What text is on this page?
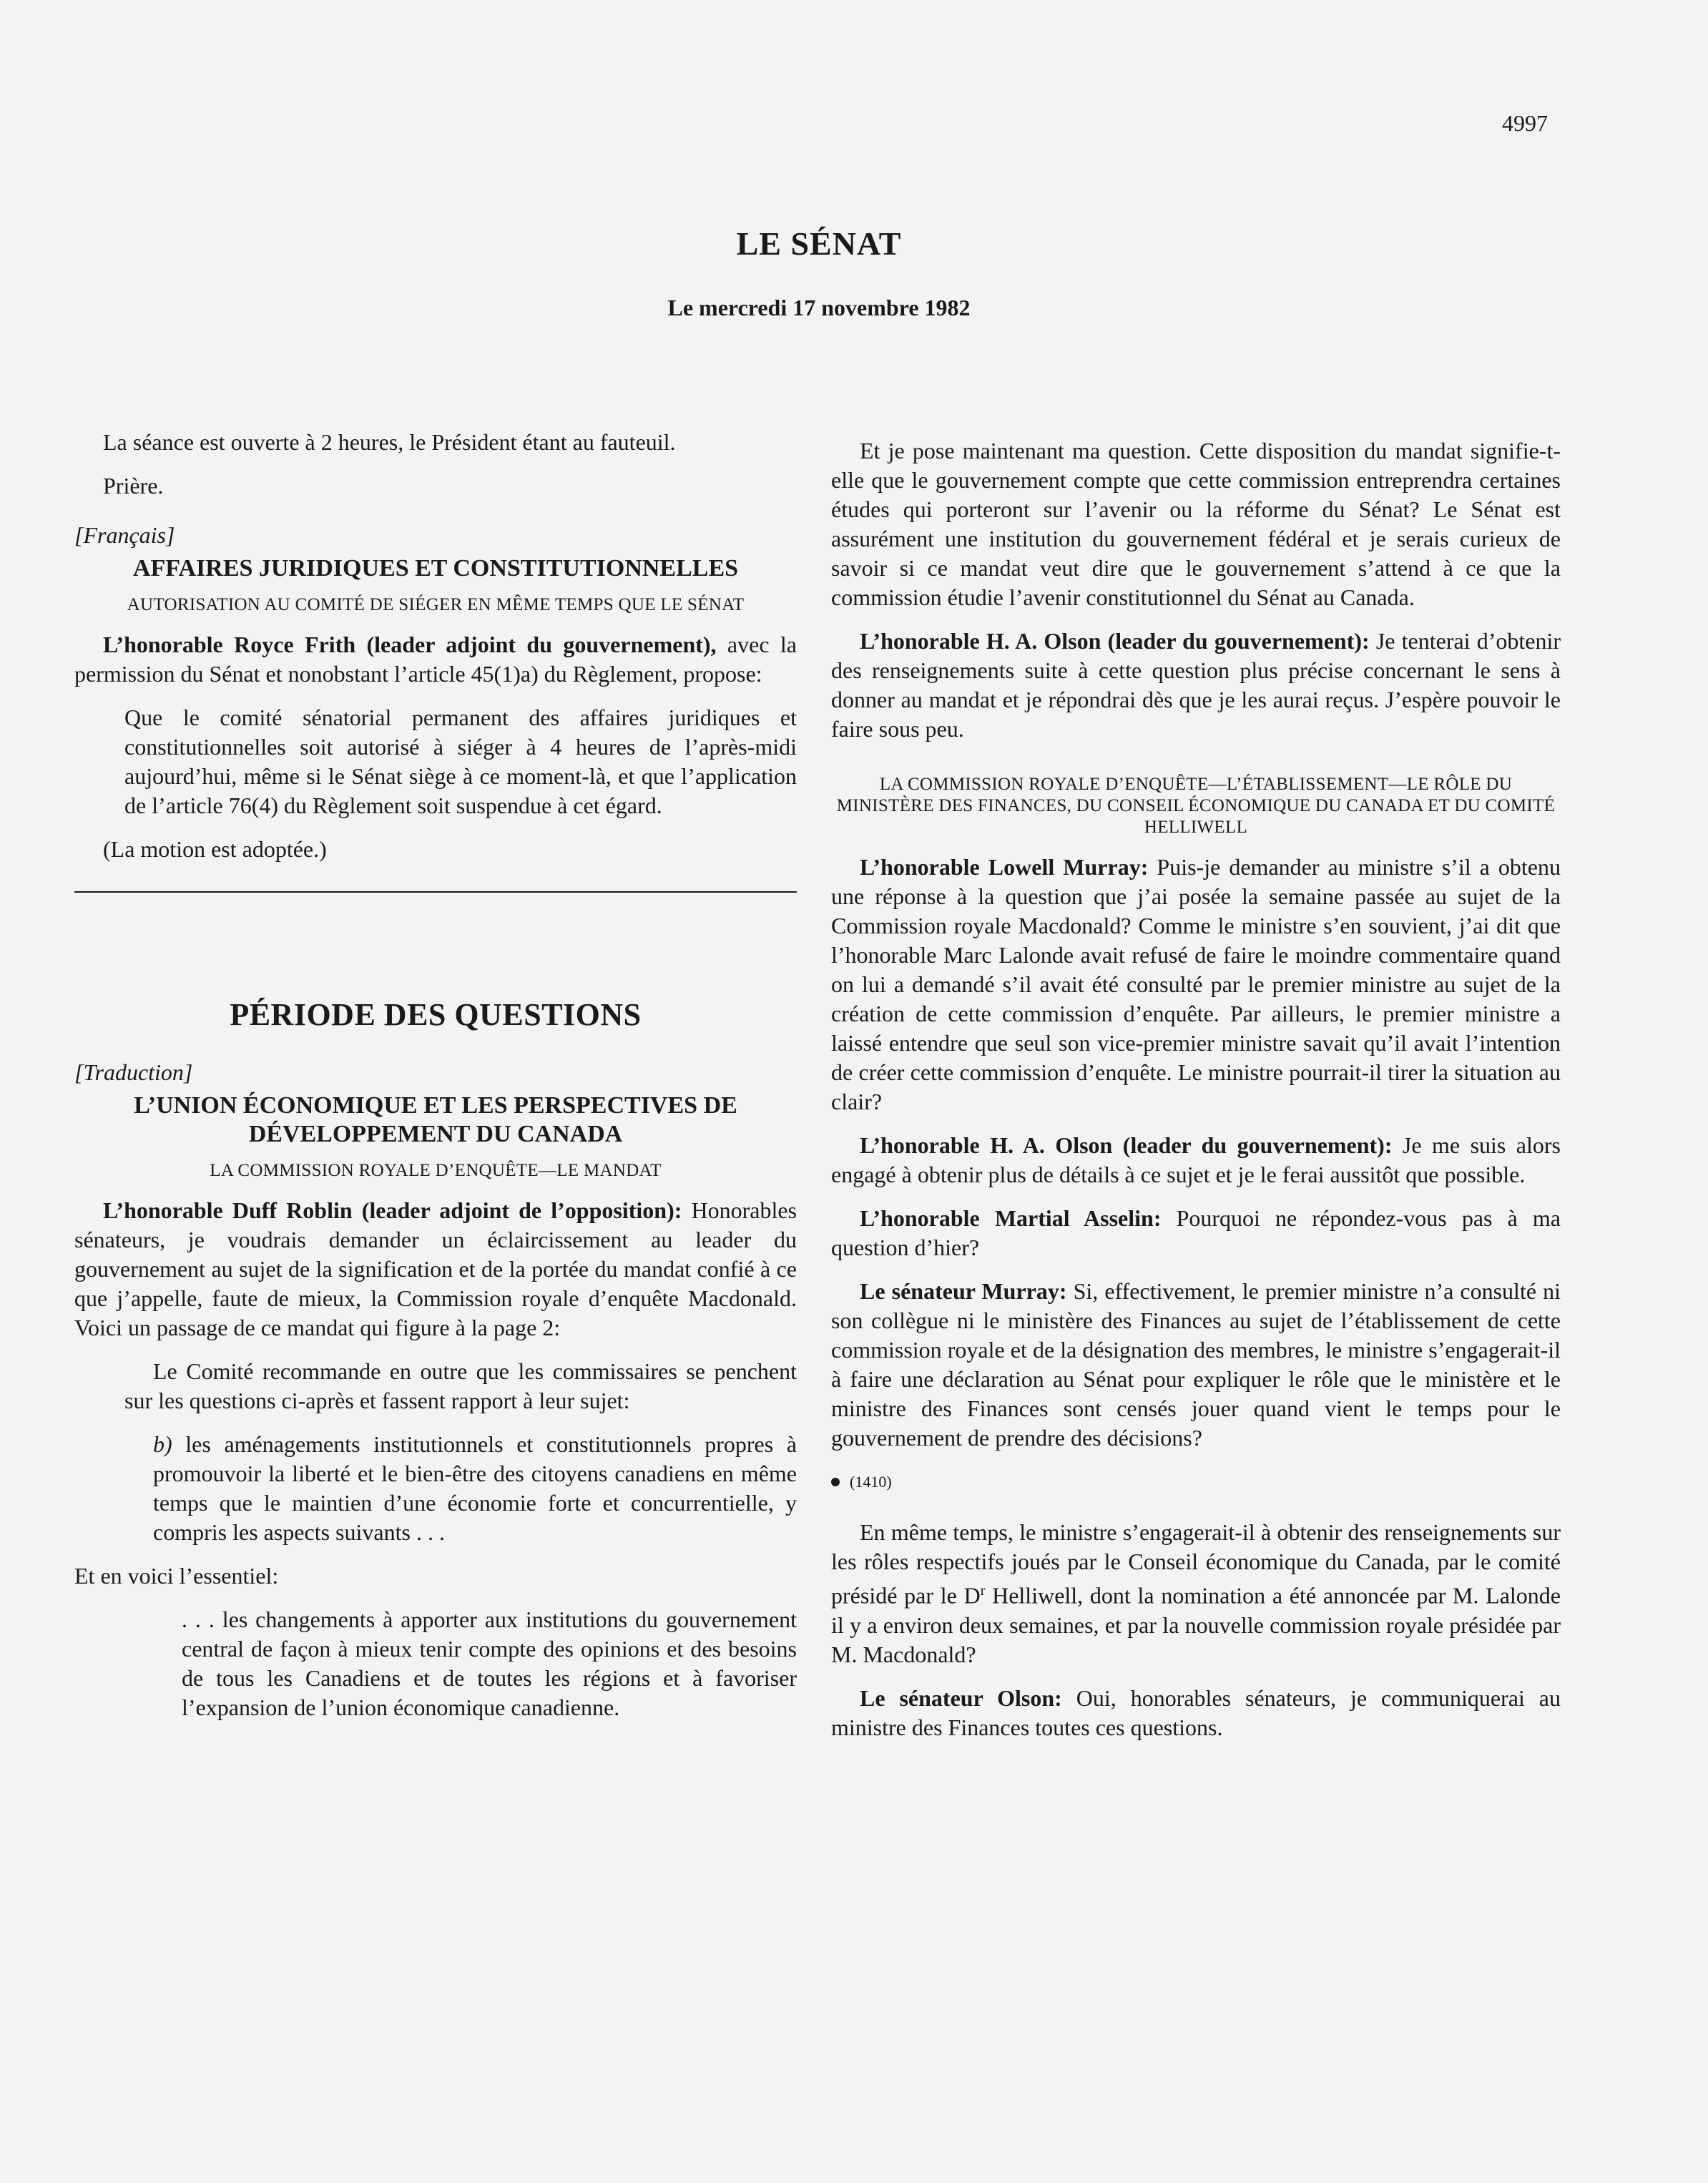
4997
LE SÉNAT
Le mercredi 17 novembre 1982

La séance est ouverte à 2 heures, le Président étant au fauteuil.

Prière.

[Français]

AFFAIRES JURIDIQUES ET CONSTITUTIONNELLES
AUTORISATION AU COMITÉ DE SIÉGER EN MÊME TEMPS QUE LE SÉNAT

L’honorable Royce Frith (leader adjoint du gouvernement), avec la permission du Sénat et nonobstant l’article 45(1)a) du Règlement, propose:

Que le comité sénatorial permanent des affaires juridiques et constitutionnelles soit autorisé à siéger à 4 heures de l’après-midi aujourd’hui, même si le Sénat siège à ce moment-là, et que l’application de l’article 76(4) du Règlement soit suspendue à cet égard.

(La motion est adoptée.)

PÉRIODE DES QUESTIONS

[Traduction]

L’UNION ÉCONOMIQUE ET LES PERSPECTIVES DE DÉVELOPPEMENT DU CANADA
LA COMMISSION ROYALE D’ENQUÊTE—LE MANDAT

L’honorable Duff Roblin (leader adjoint de l’opposition): Honorables sénateurs, je voudrais demander un éclaircissement au leader du gouvernement au sujet de la signification et de la portée du mandat confié à ce que j’appelle, faute de mieux, la Commission royale d’enquête Macdonald. Voici un passage de ce mandat qui figure à la page 2:

Le Comité recommande en outre que les commissaires se penchent sur les questions ci-après et fassent rapport à leur sujet:

b) les aménagements institutionnels et constitutionnels propres à promouvoir la liberté et le bien-être des citoyens canadiens en même temps que le maintien d’une économie forte et concurrentielle, y compris les aspects suivants . . .

Et en voici l’essentiel:

. . . les changements à apporter aux institutions du gouvernement central de façon à mieux tenir compte des opinions et des besoins de tous les Canadiens et de toutes les régions et à favoriser l’expansion de l’union économique canadienne.

Et je pose maintenant ma question. Cette disposition du mandat signifie-t-elle que le gouvernement compte que cette commission entreprendra certaines études qui porteront sur l’avenir ou la réforme du Sénat? Le Sénat est assurément une institution du gouvernement fédéral et je serais curieux de savoir si ce mandat veut dire que le gouvernement s’attend à ce que la commission étudie l’avenir constitutionnel du Sénat au Canada.

L’honorable H. A. Olson (leader du gouvernement): Je tenterai d’obtenir des renseignements suite à cette question plus précise concernant le sens à donner au mandat et je répondrai dès que je les aurai reçus. J’espère pouvoir le faire sous peu.

LA COMMISSION ROYALE D’ENQUÊTE—L’ÉTABLISSEMENT—LE RÔLE DU MINISTÈRE DES FINANCES, DU CONSEIL ÉCONOMIQUE DU CANADA ET DU COMITÉ HELLIWELL

L’honorable Lowell Murray: Puis-je demander au ministre s’il a obtenu une réponse à la question que j’ai posée la semaine passée au sujet de la Commission royale Macdonald? Comme le ministre s’en souvient, j’ai dit que l’honorable Marc Lalonde avait refusé de faire le moindre commentaire quand on lui a demandé s’il avait été consulté par le premier ministre au sujet de la création de cette commission d’enquête. Par ailleurs, le premier ministre a laissé entendre que seul son vice-premier ministre savait qu’il avait l’intention de créer cette commission d’enquête. Le ministre pourrait-il tirer la situation au clair?

L’honorable H. A. Olson (leader du gouvernement): Je me suis alors engagé à obtenir plus de détails à ce sujet et je le ferai aussitôt que possible.

L’honorable Martial Asselin: Pourquoi ne répondez-vous pas à ma question d’hier?

Le sénateur Murray: Si, effectivement, le premier ministre n’a consulté ni son collègue ni le ministère des Finances au sujet de l’établissement de cette commission royale et de la désignation des membres, le ministre s’engagerait-il à faire une déclaration au Sénat pour expliquer le rôle que le ministère et le ministre des Finances sont censés jouer quand vient le temps pour le gouvernement de prendre des décisions?

(1410)

En même temps, le ministre s’engagerait-il à obtenir des renseignements sur les rôles respectifs joués par le Conseil économique du Canada, par le comité présidé par le $D^r$ Helliwell, dont la nomination a été annoncée par M. Lalonde il y a environ deux semaines, et par la nouvelle commission royale présidée par M. Macdonald?

Le sénateur Olson: Oui, honorables sénateurs, je communiquerai au ministre des Finances toutes ces questions.
